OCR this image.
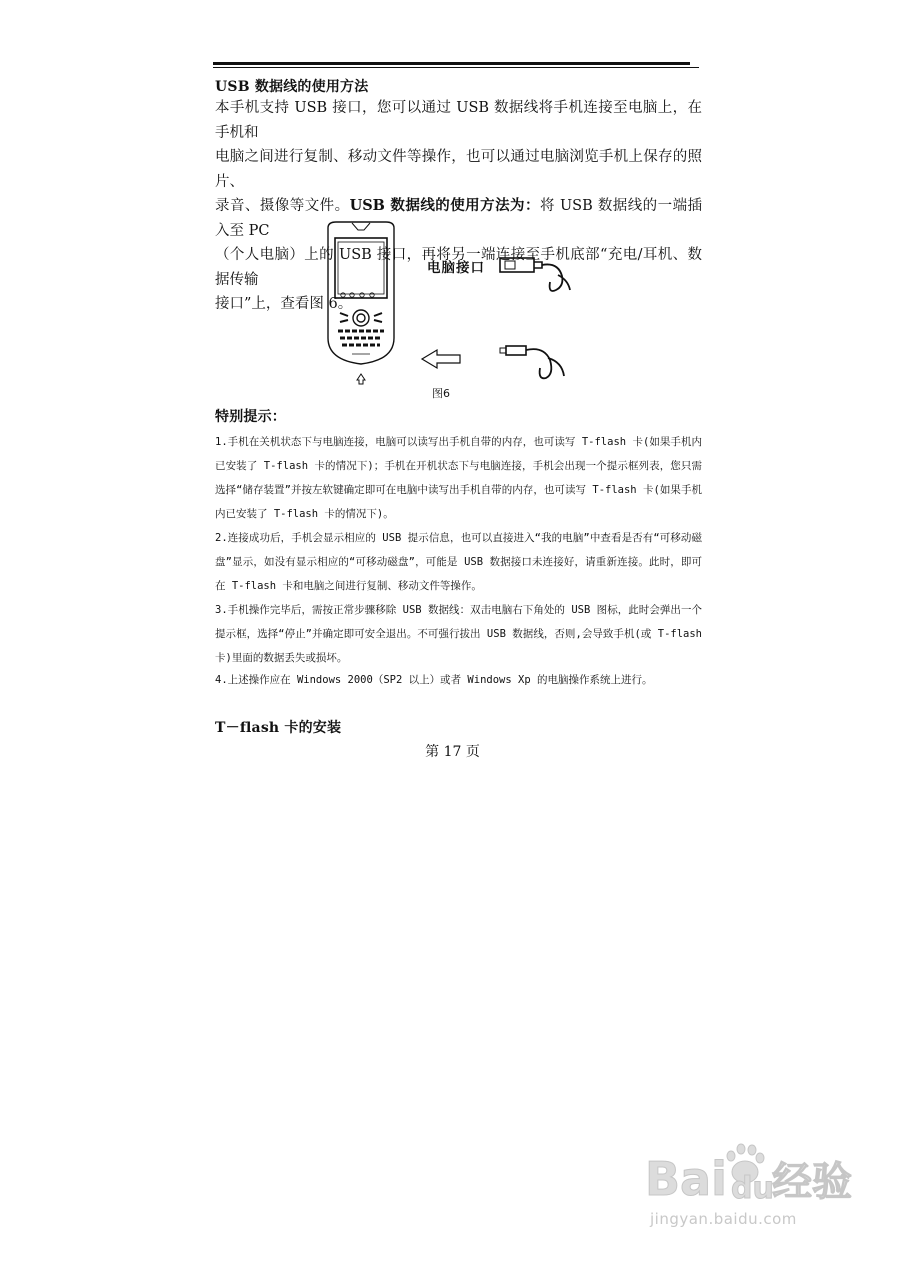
USB 数据线的使用方法
本手机支持 USB 接口，您可以通过 USB 数据线将手机连接至电脑上，在手机和
电脑之间进行复制、移动文件等操作，也可以通过电脑浏览手机上保存的照片、
录音、摄像等文件。USB 数据线的使用方法为：将 USB 数据线的一端插入至 PC
（个人电脑）上的 USB 接口，再将另一端连接至手机底部“充电/耳机、数据传输
接口”上，查看图 6。
电脑接口
图6
特别提示：
1.手机在关机状态下与电脑连接，电脑可以读写出手机自带的内存，也可读写 T-flash 卡(如果手机内已安装了 T-flash 卡的情况下)；手机在开机状态下与电脑连接，手机会出现一个提示框列表，您只需选择“储存装置”并按左软键确定即可在电脑中读写出手机自带的内存，也可读写 T-flash 卡(如果手机内已安装了 T-flash 卡的情况下)。
2.连接成功后，手机会显示相应的 USB 提示信息，也可以直接进入“我的电脑”中查看是否有“可移动磁盘”显示，如没有显示相应的“可移动磁盘”，可能是 USB 数据接口未连接好，请重新连接。此时，即可在 T-flash 卡和电脑之间进行复制、移动文件等操作。
3.手机操作完毕后，需按正常步骤移除 USB 数据线：双击电脑右下角处的 USB 图标，此时会弹出一个提示框，选择“停止”并确定即可安全退出。不可强行拔出 USB 数据线，否则,会导致手机(或 T-flash 卡)里面的数据丢失或损坏。
4.上述操作应在 Windows 2000（SP2 以上）或者 Windows Xp 的电脑操作系统上进行。
T－flash 卡的安装
第 17 页
Bai du
经验
jingyan.baidu.com
